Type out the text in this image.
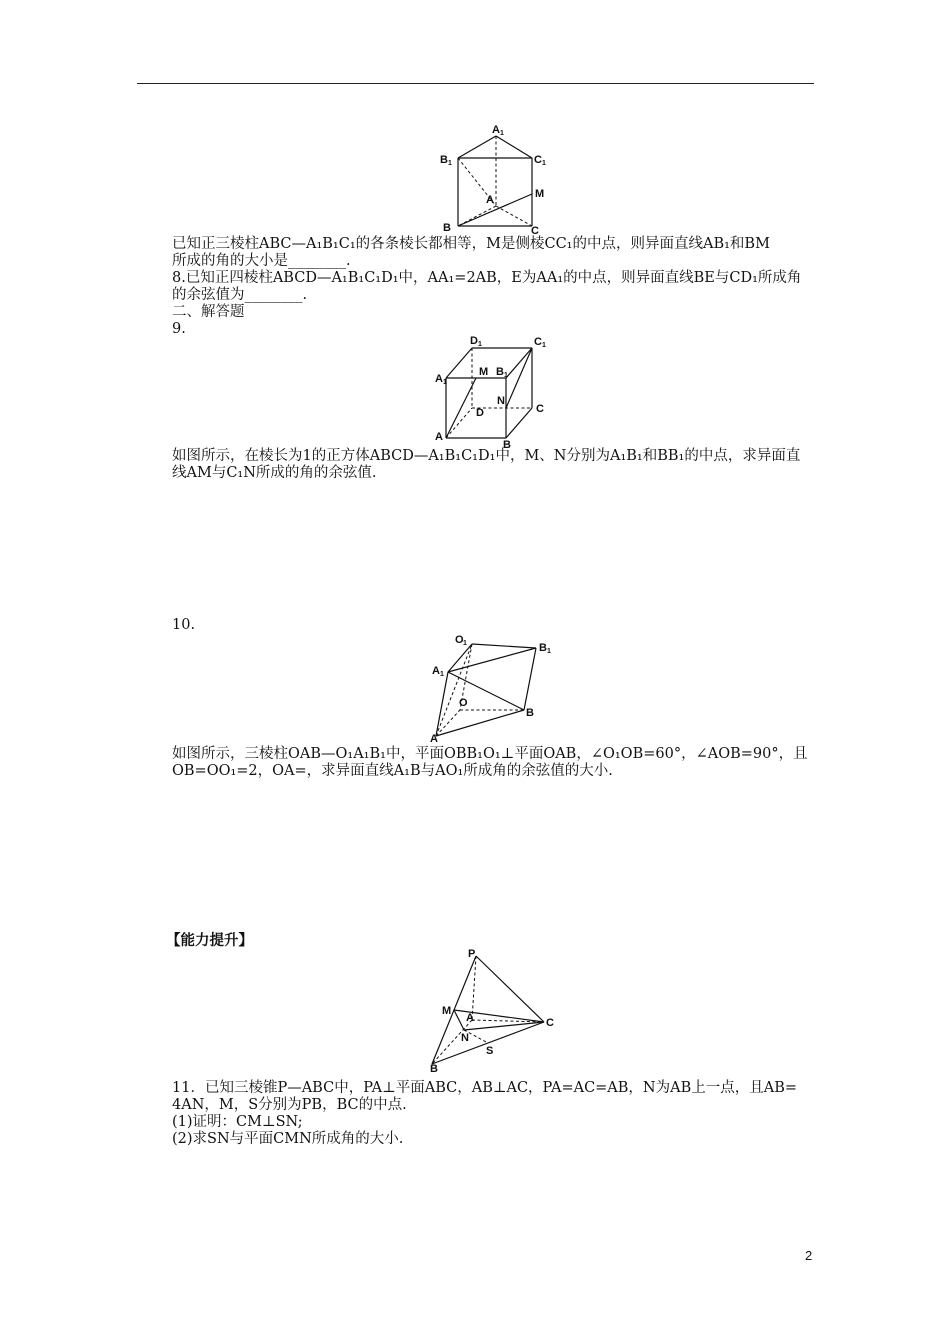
A 1
B 1	C 1
M
A
B	C
已知正三棱柱ABC—A₁B₁C₁的各条棱长都相等，M是侧棱CC₁的中点，则异面直线AB₁和BM
所成的角的大小是________.
8.已知正四棱柱ABCD—A₁B₁C₁D₁中，AA₁=2AB，E为AA₁的中点，则异面直线BE与CD₁所成角
的余弦值为________.
二、解答题
9.
D 1	C 1
A 1
M B 1
N
D	C
A
B
如图所示，在棱长为1的正方体ABCD—A₁B₁C₁D₁中，M、N分别为A₁B₁和BB₁的中点，求异面直
线AM与C₁N所成的角的余弦值.
10.
O 1	B 1
A 1
O
B
A
如图所示，三棱柱OAB—O₁A₁B₁中，平面OBB₁O₁⊥平面OAB，∠O₁OB=60°，∠AOB=90°，且
OB=OO₁=2，OA=，求异面直线A₁B与AO₁所成角的余弦值的大小.
【能力提升】
P
M
A	C
N
S
B
11．已知三棱锥P—ABC中，PA⊥平面ABC，AB⊥AC，PA=AC=AB，N为AB上一点，且AB=
4AN，M，S分别为PB，BC的中点.
(1)证明：CM⊥SN;
(2)求SN与平面CMN所成角的大小.
2
